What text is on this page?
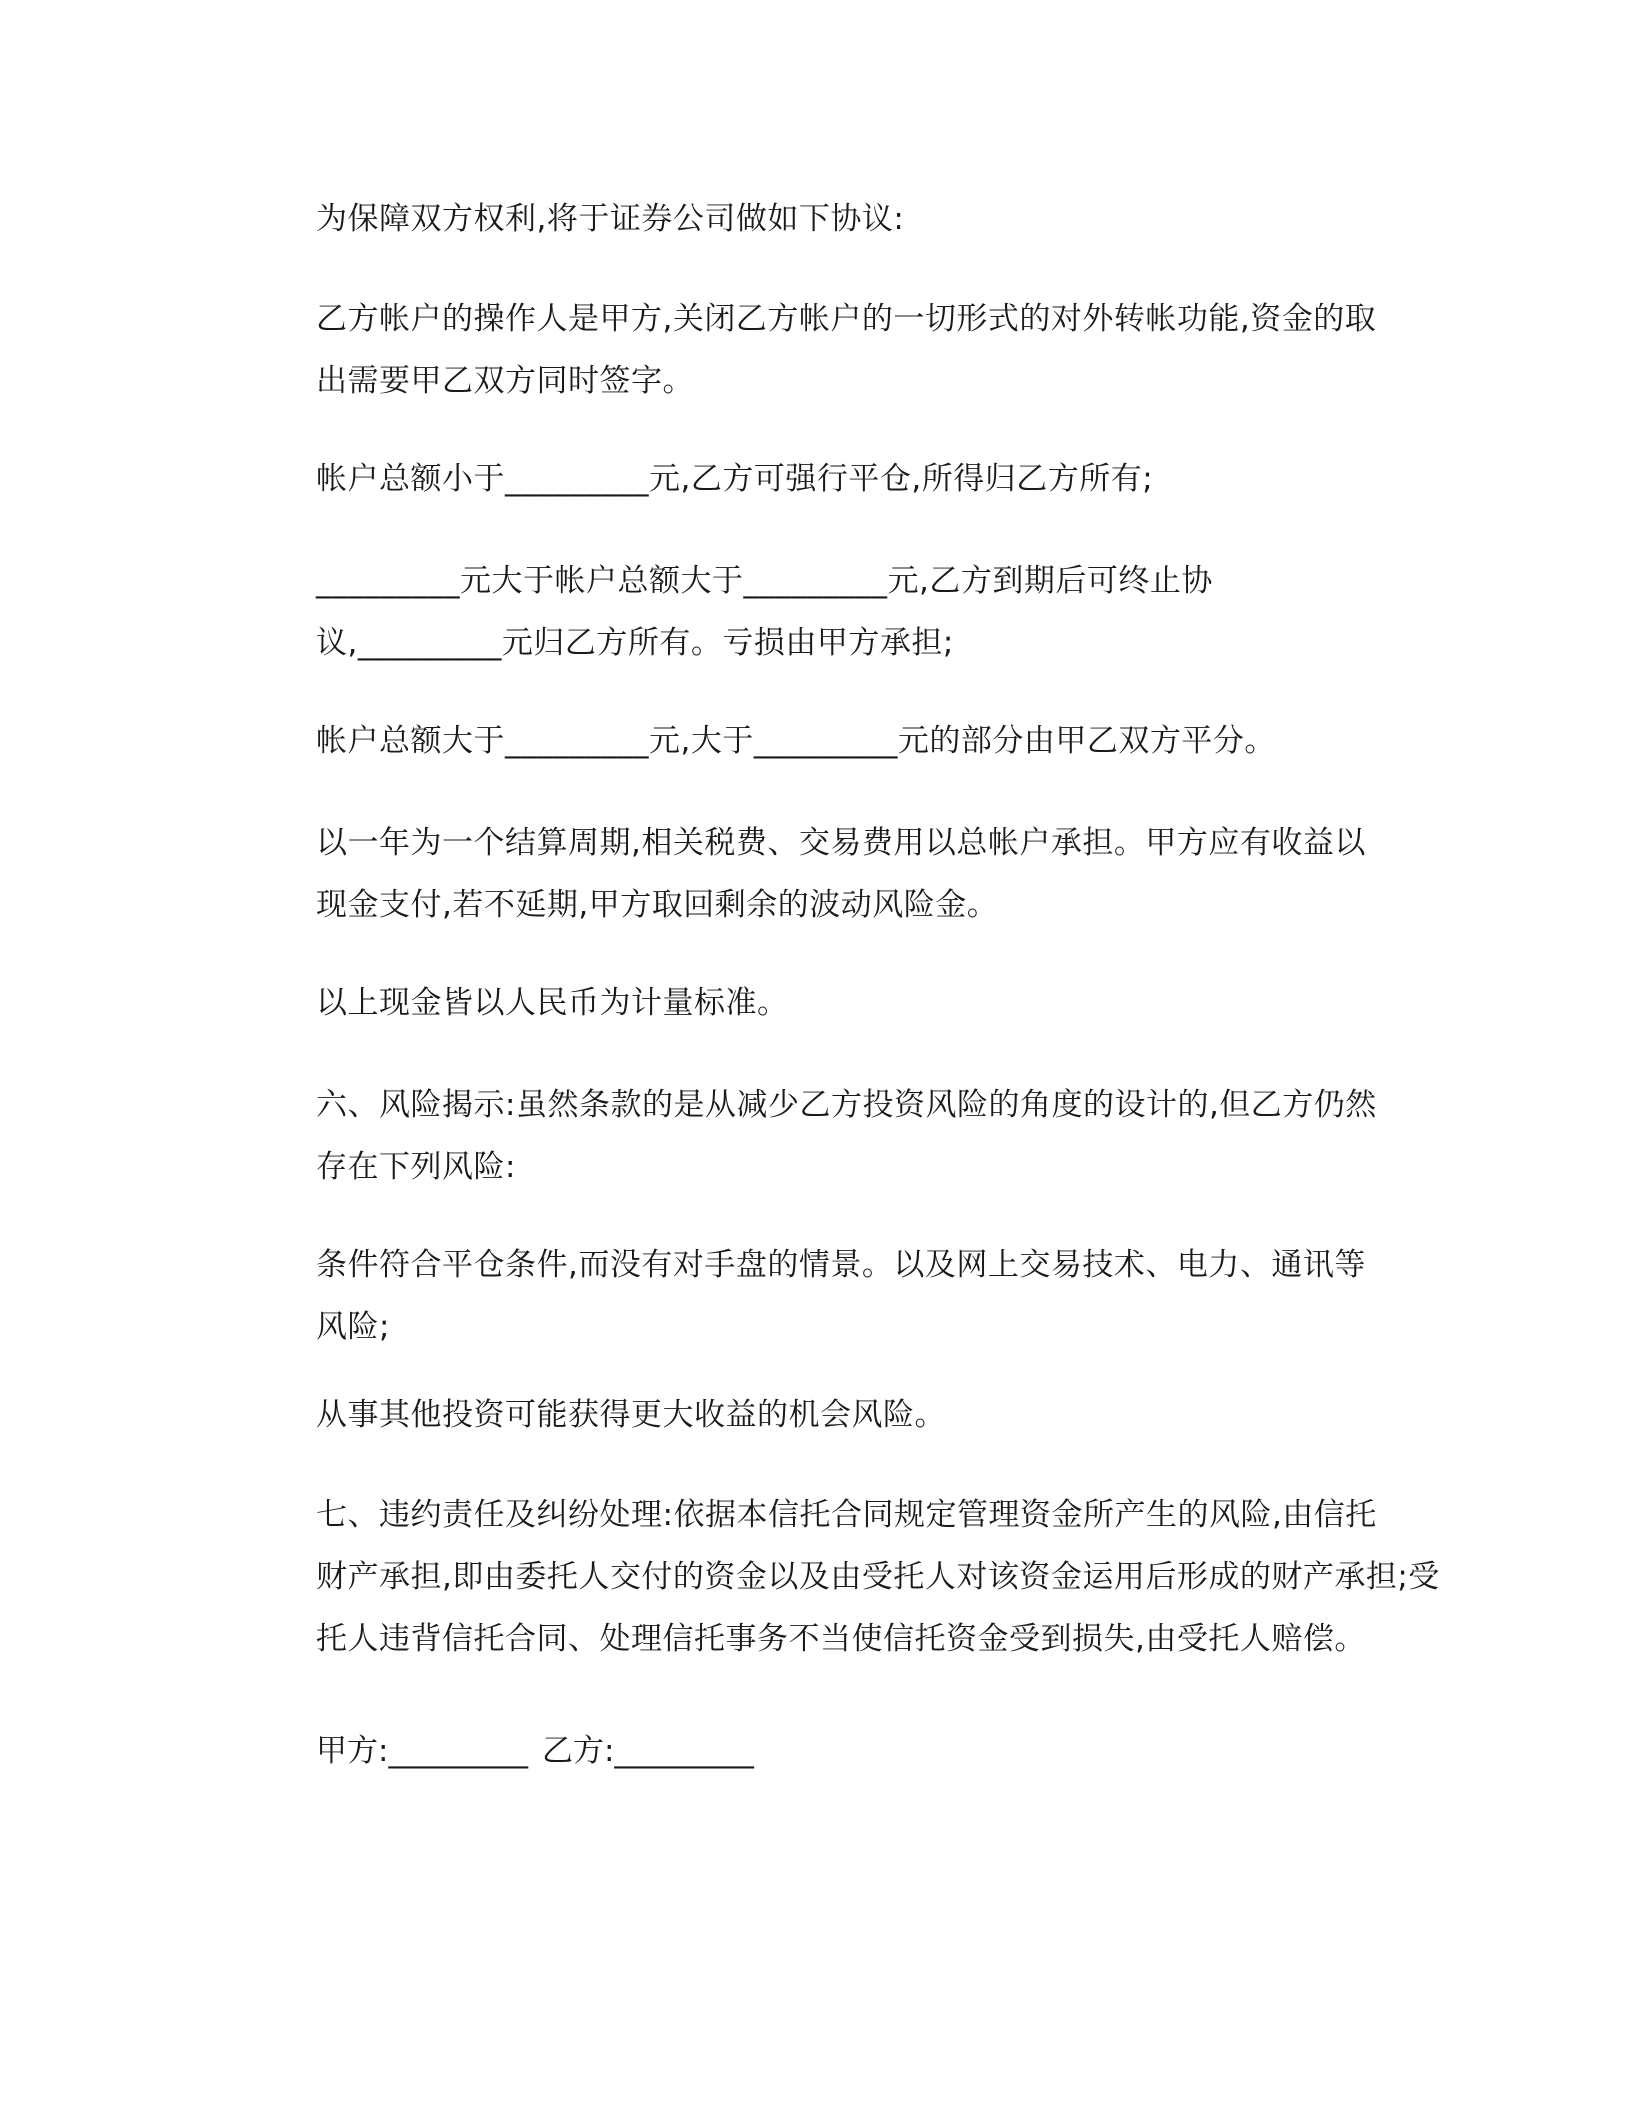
为保障双方权利,将于证券公司做如下协议:

乙方帐户的操作人是甲方,关闭乙方帐户的一切形式的对外转帐功能,资金的取
出需要甲乙双方同时签字。

帐户总额小于_________元,乙方可强行平仓,所得归乙方所有;

_________元大于帐户总额大于_________元,乙方到期后可终止协
议,_________元归乙方所有。亏损由甲方承担;

帐户总额大于_________元,大于_________元的部分由甲乙双方平分。

以一年为一个结算周期,相关税费、交易费用以总帐户承担。甲方应有收益以
现金支付,若不延期,甲方取回剩余的波动风险金。

以上现金皆以人民币为计量标准。

六、风险揭示:虽然条款的是从减少乙方投资风险的角度的设计的,但乙方仍然
存在下列风险:

条件符合平仓条件,而没有对手盘的情景。以及网上交易技术、电力、通讯等
风险;

从事其他投资可能获得更大收益的机会风险。

七、违约责任及纠纷处理:依据本信托合同规定管理资金所产生的风险,由信托
财产承担,即由委托人交付的资金以及由受托人对该资金运用后形成的财产承担;受
托人违背信托合同、处理信托事务不当使信托资金受到损失,由受托人赔偿。

甲方:_________ 乙方:_________
